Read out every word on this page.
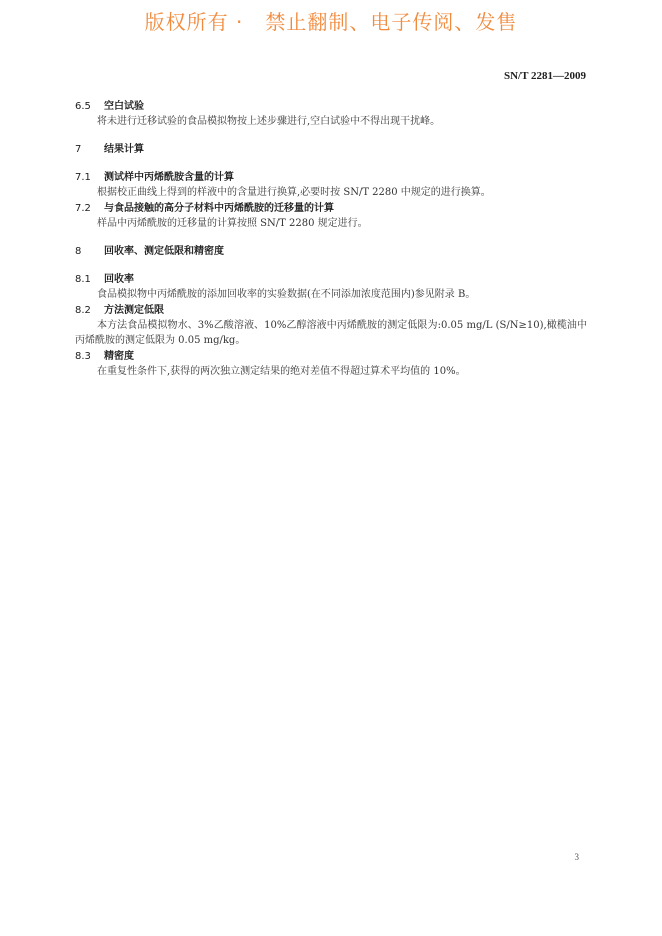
版权所有 ·   禁止翻制、电子传阅、发售
SN/T 2281—2009
6.5 空白试验
将未进行迁移试验的食品模拟物按上述步骤进行,空白试验中不得出现干扰峰。
7 结果计算
7.1 测试样中丙烯酰胺含量的计算
根据校正曲线上得到的样液中的含量进行换算,必要时按 SN/T 2280 中规定的进行换算。
7.2 与食品接触的高分子材料中丙烯酰胺的迁移量的计算
样品中丙烯酰胺的迁移量的计算按照 SN/T 2280 规定进行。
8 回收率、测定低限和精密度
8.1 回收率
食品模拟物中丙烯酰胺的添加回收率的实验数据(在不同添加浓度范围内)参见附录 B。
8.2 方法测定低限
本方法食品模拟物水、3%乙酸溶液、10%乙醇溶液中丙烯酰胺的测定低限为:0.05 mg/L (S/N≥10),橄榄油中丙烯酰胺的测定低限为 0.05 mg/kg。
8.3 精密度
在重复性条件下,获得的两次独立测定结果的绝对差值不得超过算术平均值的 10%。
3
